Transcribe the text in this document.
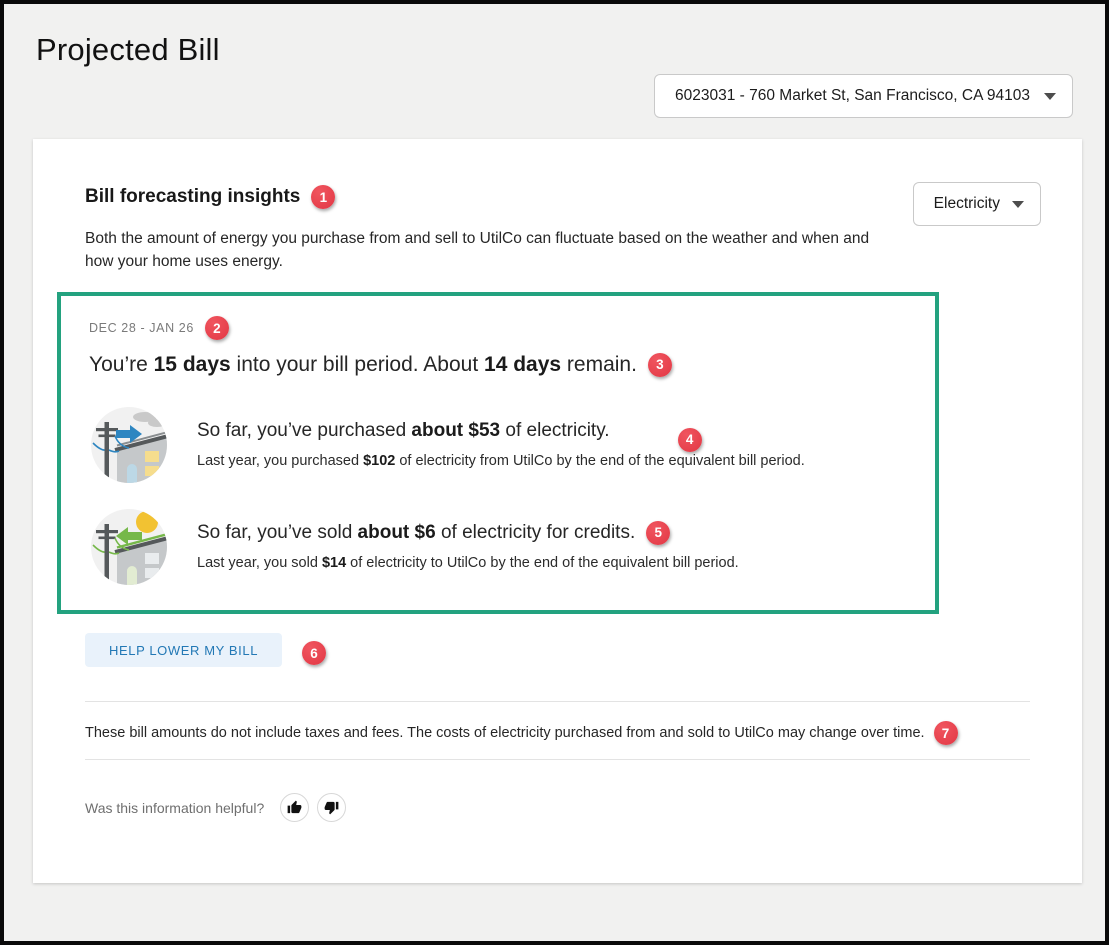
Projected Bill
6023031 - 760 Market St, San Francisco, CA 94103
Bill forecasting insights	1	Electricity

Both the amount of energy you purchase from and sell to UtilCo can fluctuate based on the weather and when and how your home uses energy.

DEC 28 - JAN 26	2
You’re 15 days into your bill period. About 14 days remain.	3
So far, you’ve purchased about $53 of electricity.	4
Last year, you purchased $102 of electricity from UtilCo by the end of the equivalent bill period.
So far, you’ve sold about $6 of electricity for credits.	5
Last year, you sold $14 of electricity to UtilCo by the end of the equivalent bill period.
HELP LOWER MY BILL	6
These bill amounts do not include taxes and fees. The costs of electricity purchased from and sold to UtilCo may change over time.	7
Was this information helpful?
